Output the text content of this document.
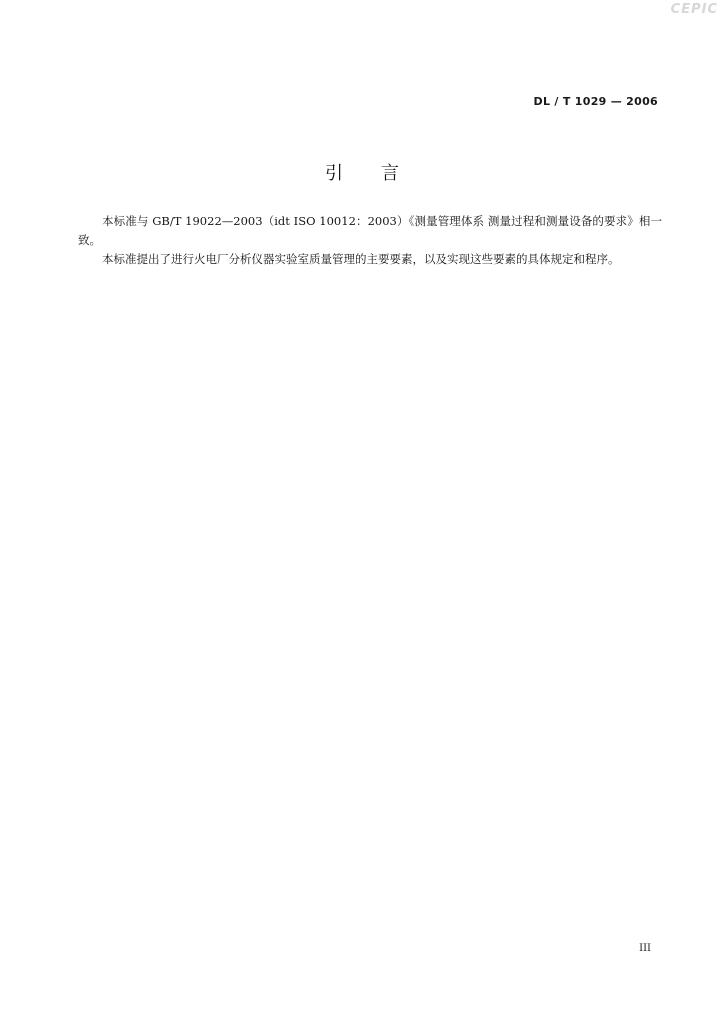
CEPIC
DL / T 1029 — 2006
引言

本标准与 GB/T 19022—2003（idt ISO 10012：2003）《测量管理体系 测量过程和测量设备的要求》相一致。

本标准提出了进行火电厂分析仪器实验室质量管理的主要要素，以及实现这些要素的具体规定和程序。

III
